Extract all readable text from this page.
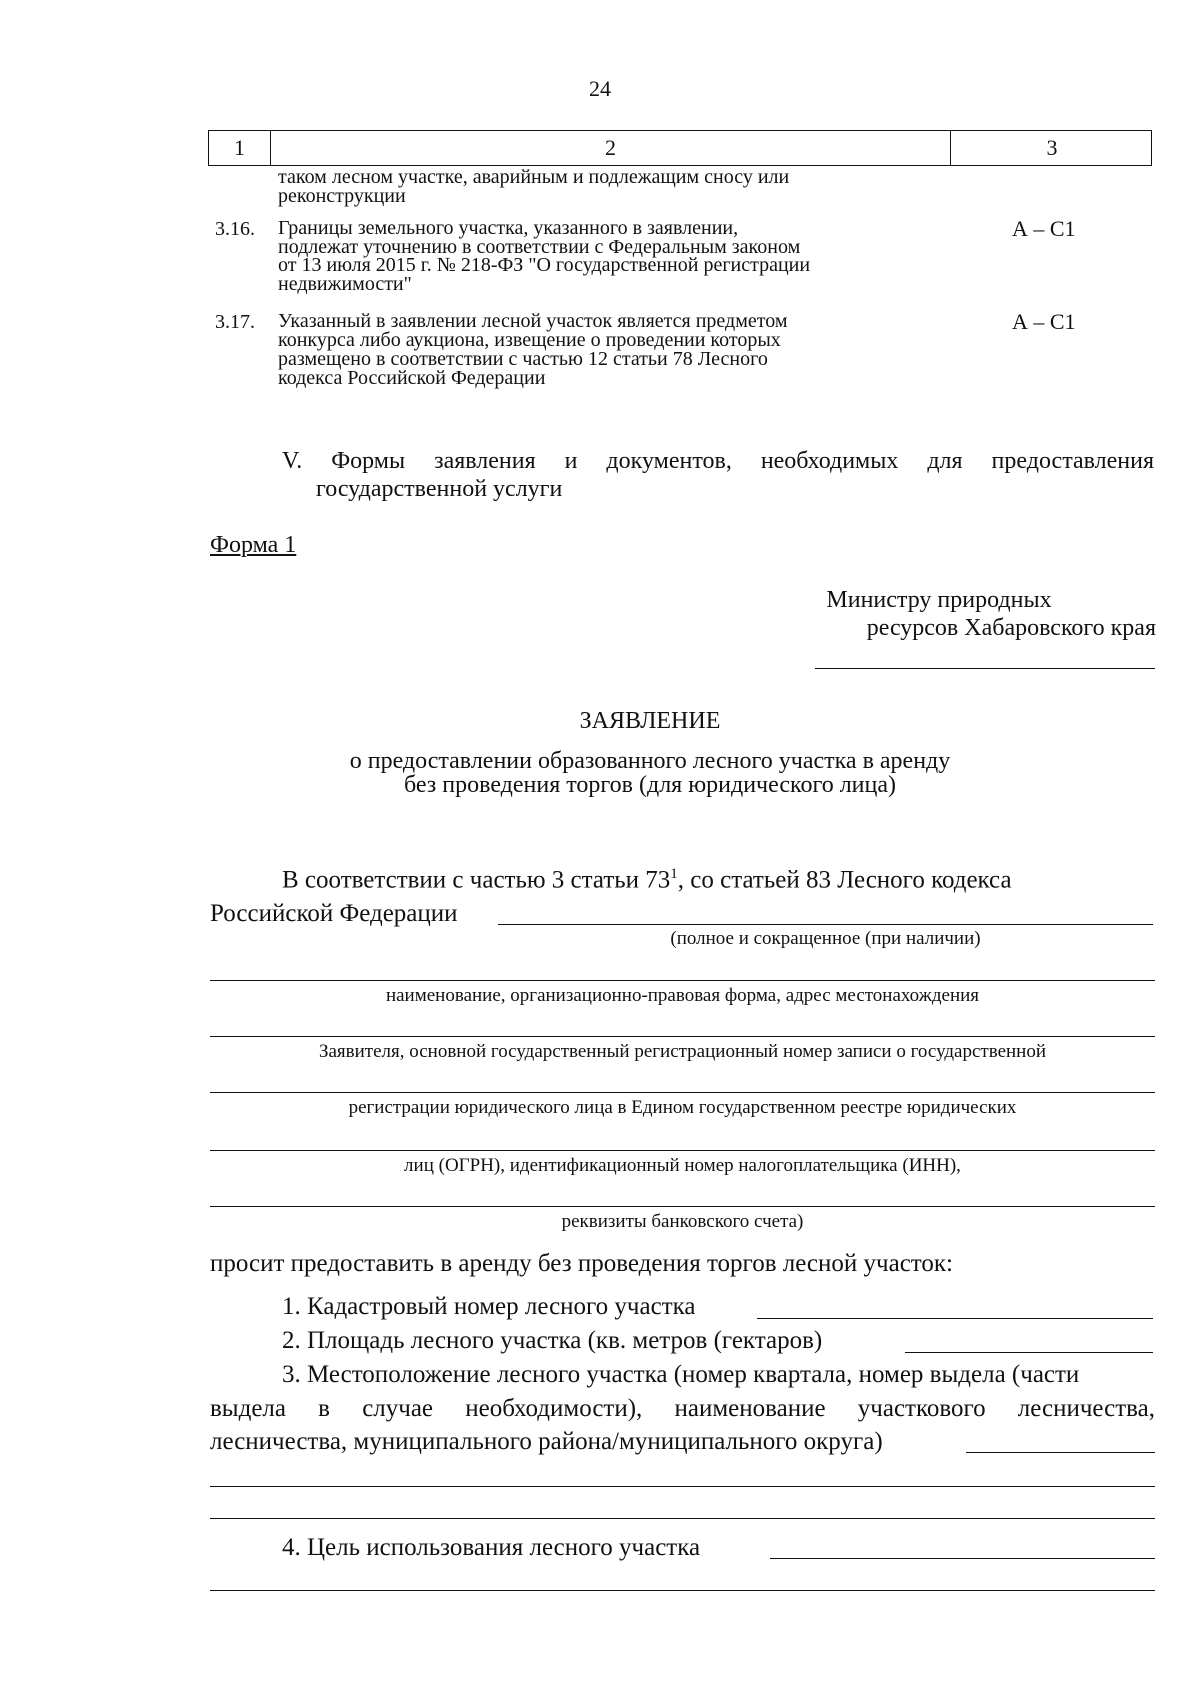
24
1	2	3
таком лесном участке, аварийным и подлежащим сносу или
реконструкции
3.16. Границы земельного участка, указанного в заявлении,
подлежат уточнению в соответствии с Федеральным законом
от 13 июля 2015 г. № 218-ФЗ "О государственной регистрации
недвижимости"
А – С1
3.17. Указанный в заявлении лесной участок является предметом
конкурса либо аукциона, извещение о проведении которых
размещено в соответствии с частью 12 статьи 78 Лесного
кодекса Российской Федерации
А – С1
V. Формы заявления и документов, необходимых для предоставления
государственной услуги
Форма 1
Министру природных
ресурсов Хабаровского края
ЗАЯВЛЕНИЕ
о предоставлении образованного лесного участка в аренду
без проведения торгов (для юридического лица)
В соответствии с частью 3 статьи $73^1$, со статьей 83 Лесного кодекса
Российской Федерации
(полное и сокращенное (при наличии)
наименование, организационно-правовая форма, адрес местонахождения
Заявителя, основной государственный регистрационный номер записи о государственной
регистрации юридического лица в Едином государственном реестре юридических
лиц (ОГРН), идентификационный номер налогоплательщика (ИНН),
реквизиты банковского счета)
просит предоставить в аренду без проведения торгов лесной участок:
1. Кадастровый номер лесного участка
2. Площадь лесного участка (кв. метров (гектаров)
3. Местоположение лесного участка (номер квартала, номер выдела (части
выдела в случае необходимости), наименование участкового лесничества,
лесничества, муниципального района/муниципального округа)
4. Цель использования лесного участка
